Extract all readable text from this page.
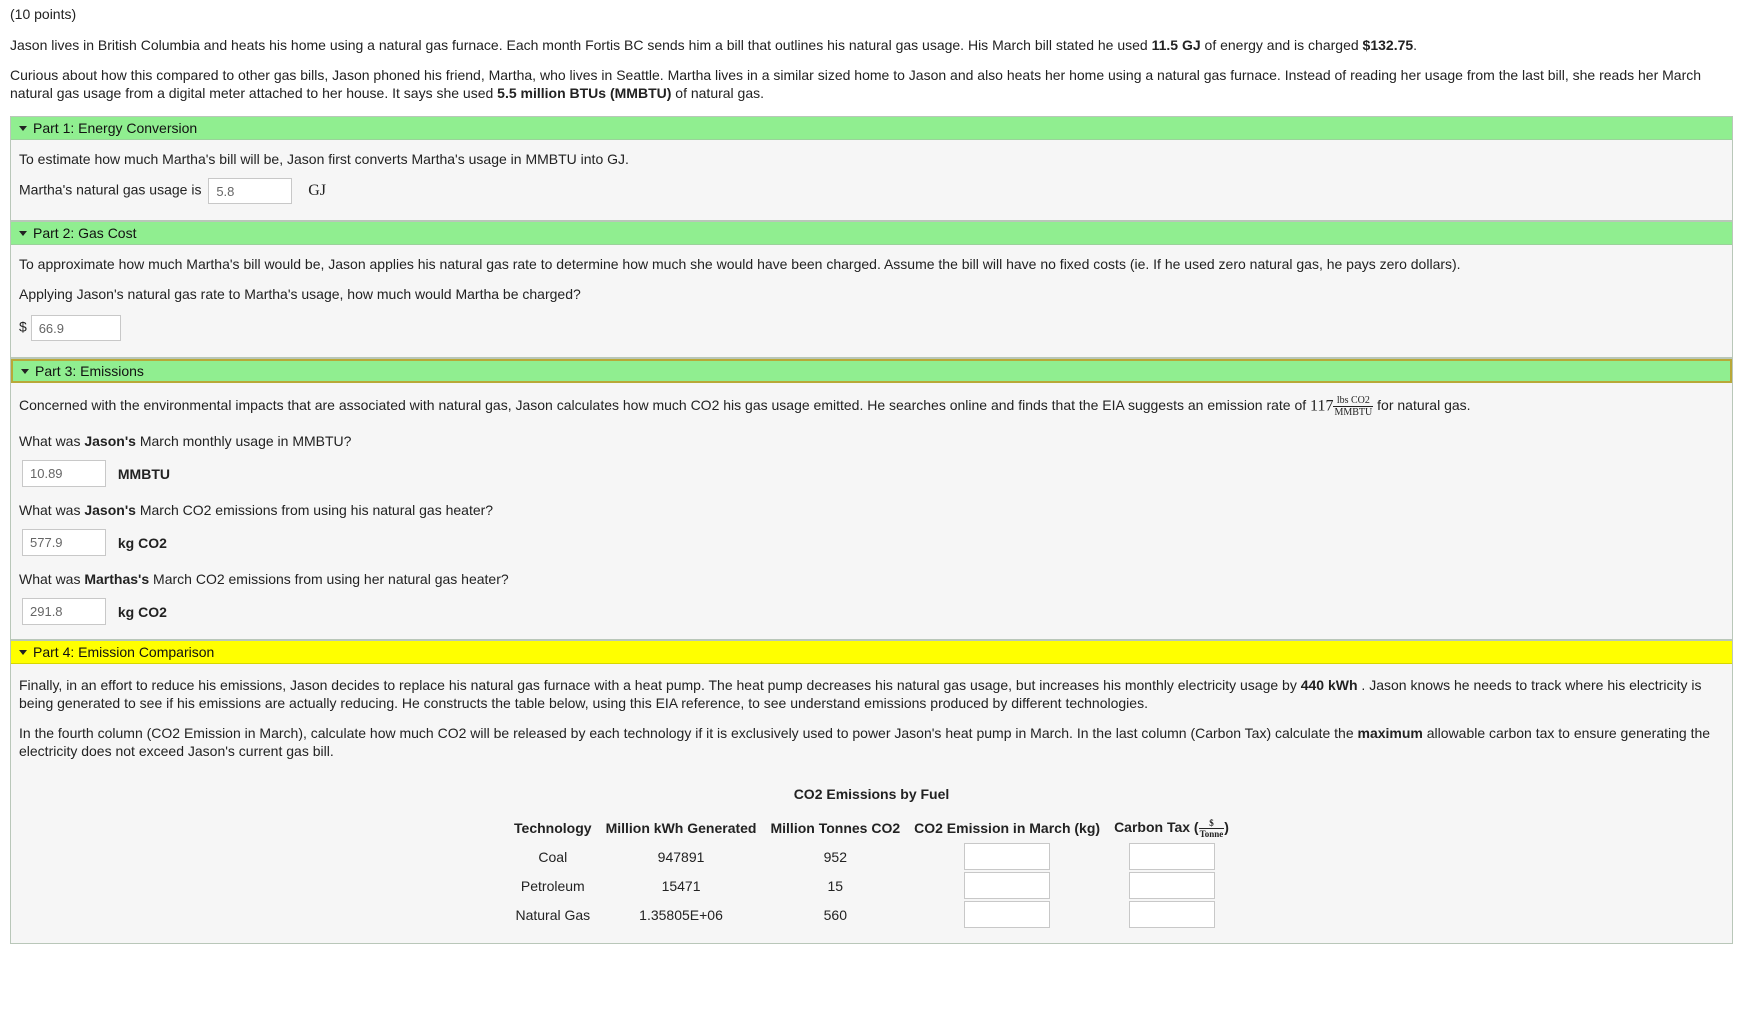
(10 points)

Jason lives in British Columbia and heats his home using a natural gas furnace. Each month Fortis BC sends him a bill that outlines his natural gas usage. His March bill stated he used 11.5 GJ of energy and is charged $132.75.

Curious about how this compared to other gas bills, Jason phoned his friend, Martha, who lives in Seattle. Martha lives in a similar sized home to Jason and also heats her home using a natural gas furnace. Instead of reading her usage from the last bill, she reads her March natural gas usage from a digital meter attached to her house. It says she used 5.5 million BTUs (MMBTU) of natural gas.

Part 1: Energy Conversion
To estimate how much Martha's bill will be, Jason first converts Martha's usage in MMBTU into GJ.
Martha's natural gas usage is 5.8	GJ
Part 2: Gas Cost
To approximate how much Martha's bill would be, Jason applies his natural gas rate to determine how much she would have been charged. Assume the bill will have no fixed costs (ie. If he used zero natural gas, he pays zero dollars).
Applying Jason's natural gas rate to Martha's usage, how much would Martha be charged?
$ 66.9
Part 3: Emissions
Concerned with the environmental impacts that are associated with natural gas, Jason calculates how much CO2 his gas usage emitted. He searches online and finds that the EIA suggests an emission rate of $117 \frac{\text{lbs CO2}}{\text{MMBTU}}$ for natural gas.
What was Jason's March monthly usage in MMBTU?
10.89	MMBTU
What was Jason's March CO2 emissions from using his natural gas heater?
577.9	kg CO2
What was Marthas's March CO2 emissions from using her natural gas heater?
291.8	kg CO2
Part 4: Emission Comparison
Finally, in an effort to reduce his emissions, Jason decides to replace his natural gas furnace with a heat pump. The heat pump decreases his natural gas usage, but increases his monthly electricity usage by 440 kWh . Jason knows he needs to track where his electricity is being generated to see if his emissions are actually reducing. He constructs the table below, using this EIA reference, to see understand emissions produced by different technologies.
In the fourth column (CO2 Emission in March), calculate how much CO2 will be released by each technology if it is exclusively used to power Jason's heat pump in March. In the last column (Carbon Tax) calculate the maximum allowable carbon tax to ensure generating the electricity does not exceed Jason's current gas bill.
CO2 Emissions by Fuel
Technology	Million kWh Generated	Million Tonnes CO2	CO2 Emission in March (kg)	Carbon Tax ( $\frac{\$}{\text{Tonne}}$ )
Coal	947891	952		
Petroleum	15471	15		
Natural Gas	1.35805E+06	560		
